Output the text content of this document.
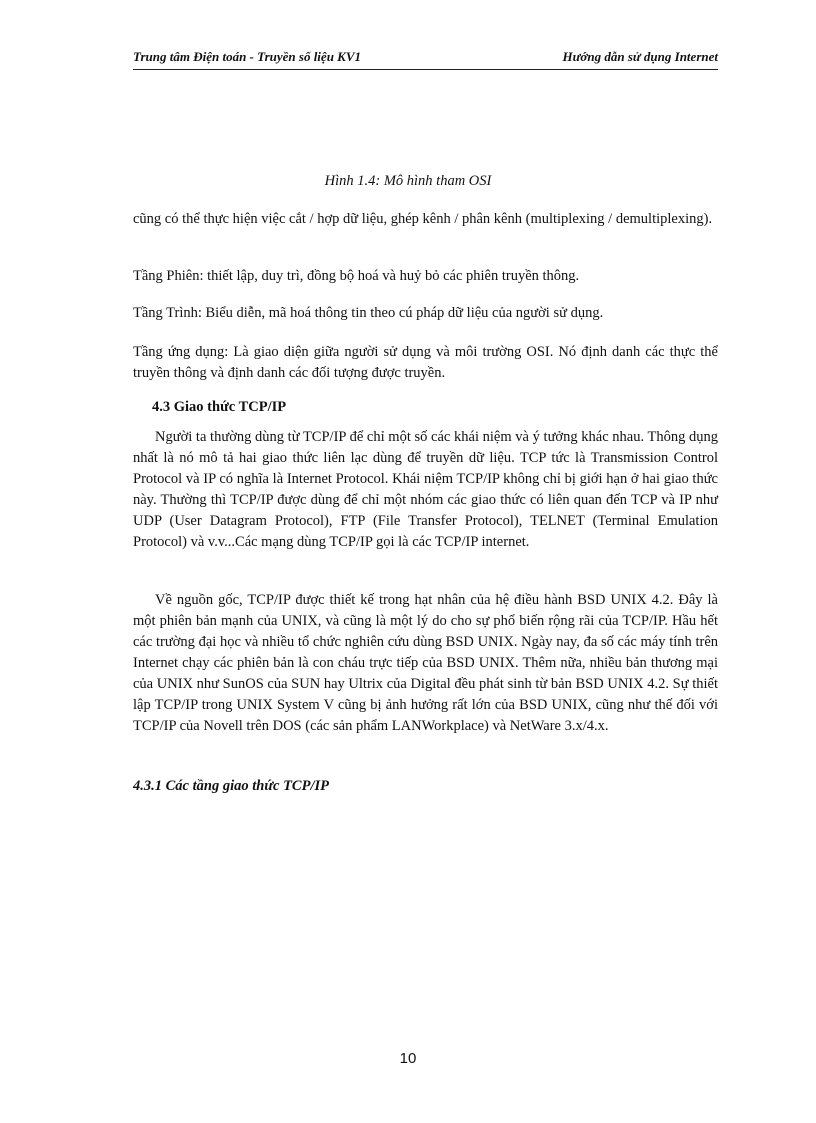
Trung tâm Điện toán - Truyền số liệu KV1	Hướng dẫn sử dụng Internet
Hình 1.4: Mô hình tham OSI
cũng có thể thực hiện việc cắt / hợp dữ liệu, ghép kênh / phân kênh (multiplexing / demultiplexing).
Tầng Phiên: thiết lập, duy trì, đồng bộ hoá và huỷ bỏ các phiên truyền thông.
Tầng Trình: Biểu diễn, mã hoá thông tin theo cú pháp dữ liệu của người sử dụng.
Tầng ứng dụng: Là giao diện giữa người sử dụng và môi trường OSI. Nó định danh các thực thể truyền thông và định danh các đối tượng được truyền.
4.3 Giao thức TCP/IP
Người ta thường dùng từ TCP/IP để chỉ một số các khái niệm và ý tưởng khác nhau. Thông dụng nhất là nó mô tả hai giao thức liên lạc dùng để truyền dữ liệu. TCP tức là Transmission Control Protocol và IP có nghĩa là Internet Protocol. Khái niệm TCP/IP không chỉ bị giới hạn ở hai giao thức này. Thường thì TCP/IP được dùng để chỉ một nhóm các giao thức có liên quan đến TCP và IP như UDP (User Datagram Protocol), FTP (File Transfer Protocol), TELNET (Terminal Emulation Protocol) và v.v...Các mạng dùng TCP/IP gọi là các TCP/IP internet.
Về nguồn gốc, TCP/IP được thiết kế trong hạt nhân của hệ điều hành BSD UNIX 4.2. Đây là một phiên bản mạnh của UNIX, và cũng là một lý do cho sự phổ biến rộng rãi của TCP/IP. Hầu hết các trường đại học và nhiều tổ chức nghiên cứu dùng BSD UNIX. Ngày nay, đa số các máy tính trên Internet chạy các phiên bản là con cháu trực tiếp của BSD UNIX. Thêm nữa, nhiều bản thương mại của UNIX như SunOS của SUN hay Ultrix của Digital đều phát sinh từ bản BSD UNIX 4.2. Sự thiết lập TCP/IP trong UNIX System V cũng bị ảnh hưởng rất lớn của BSD UNIX, cũng như thế đối với TCP/IP của Novell trên DOS (các sản phẩm LANWorkplace) và NetWare 3.x/4.x.
4.3.1 Các tầng giao thức TCP/IP
10
